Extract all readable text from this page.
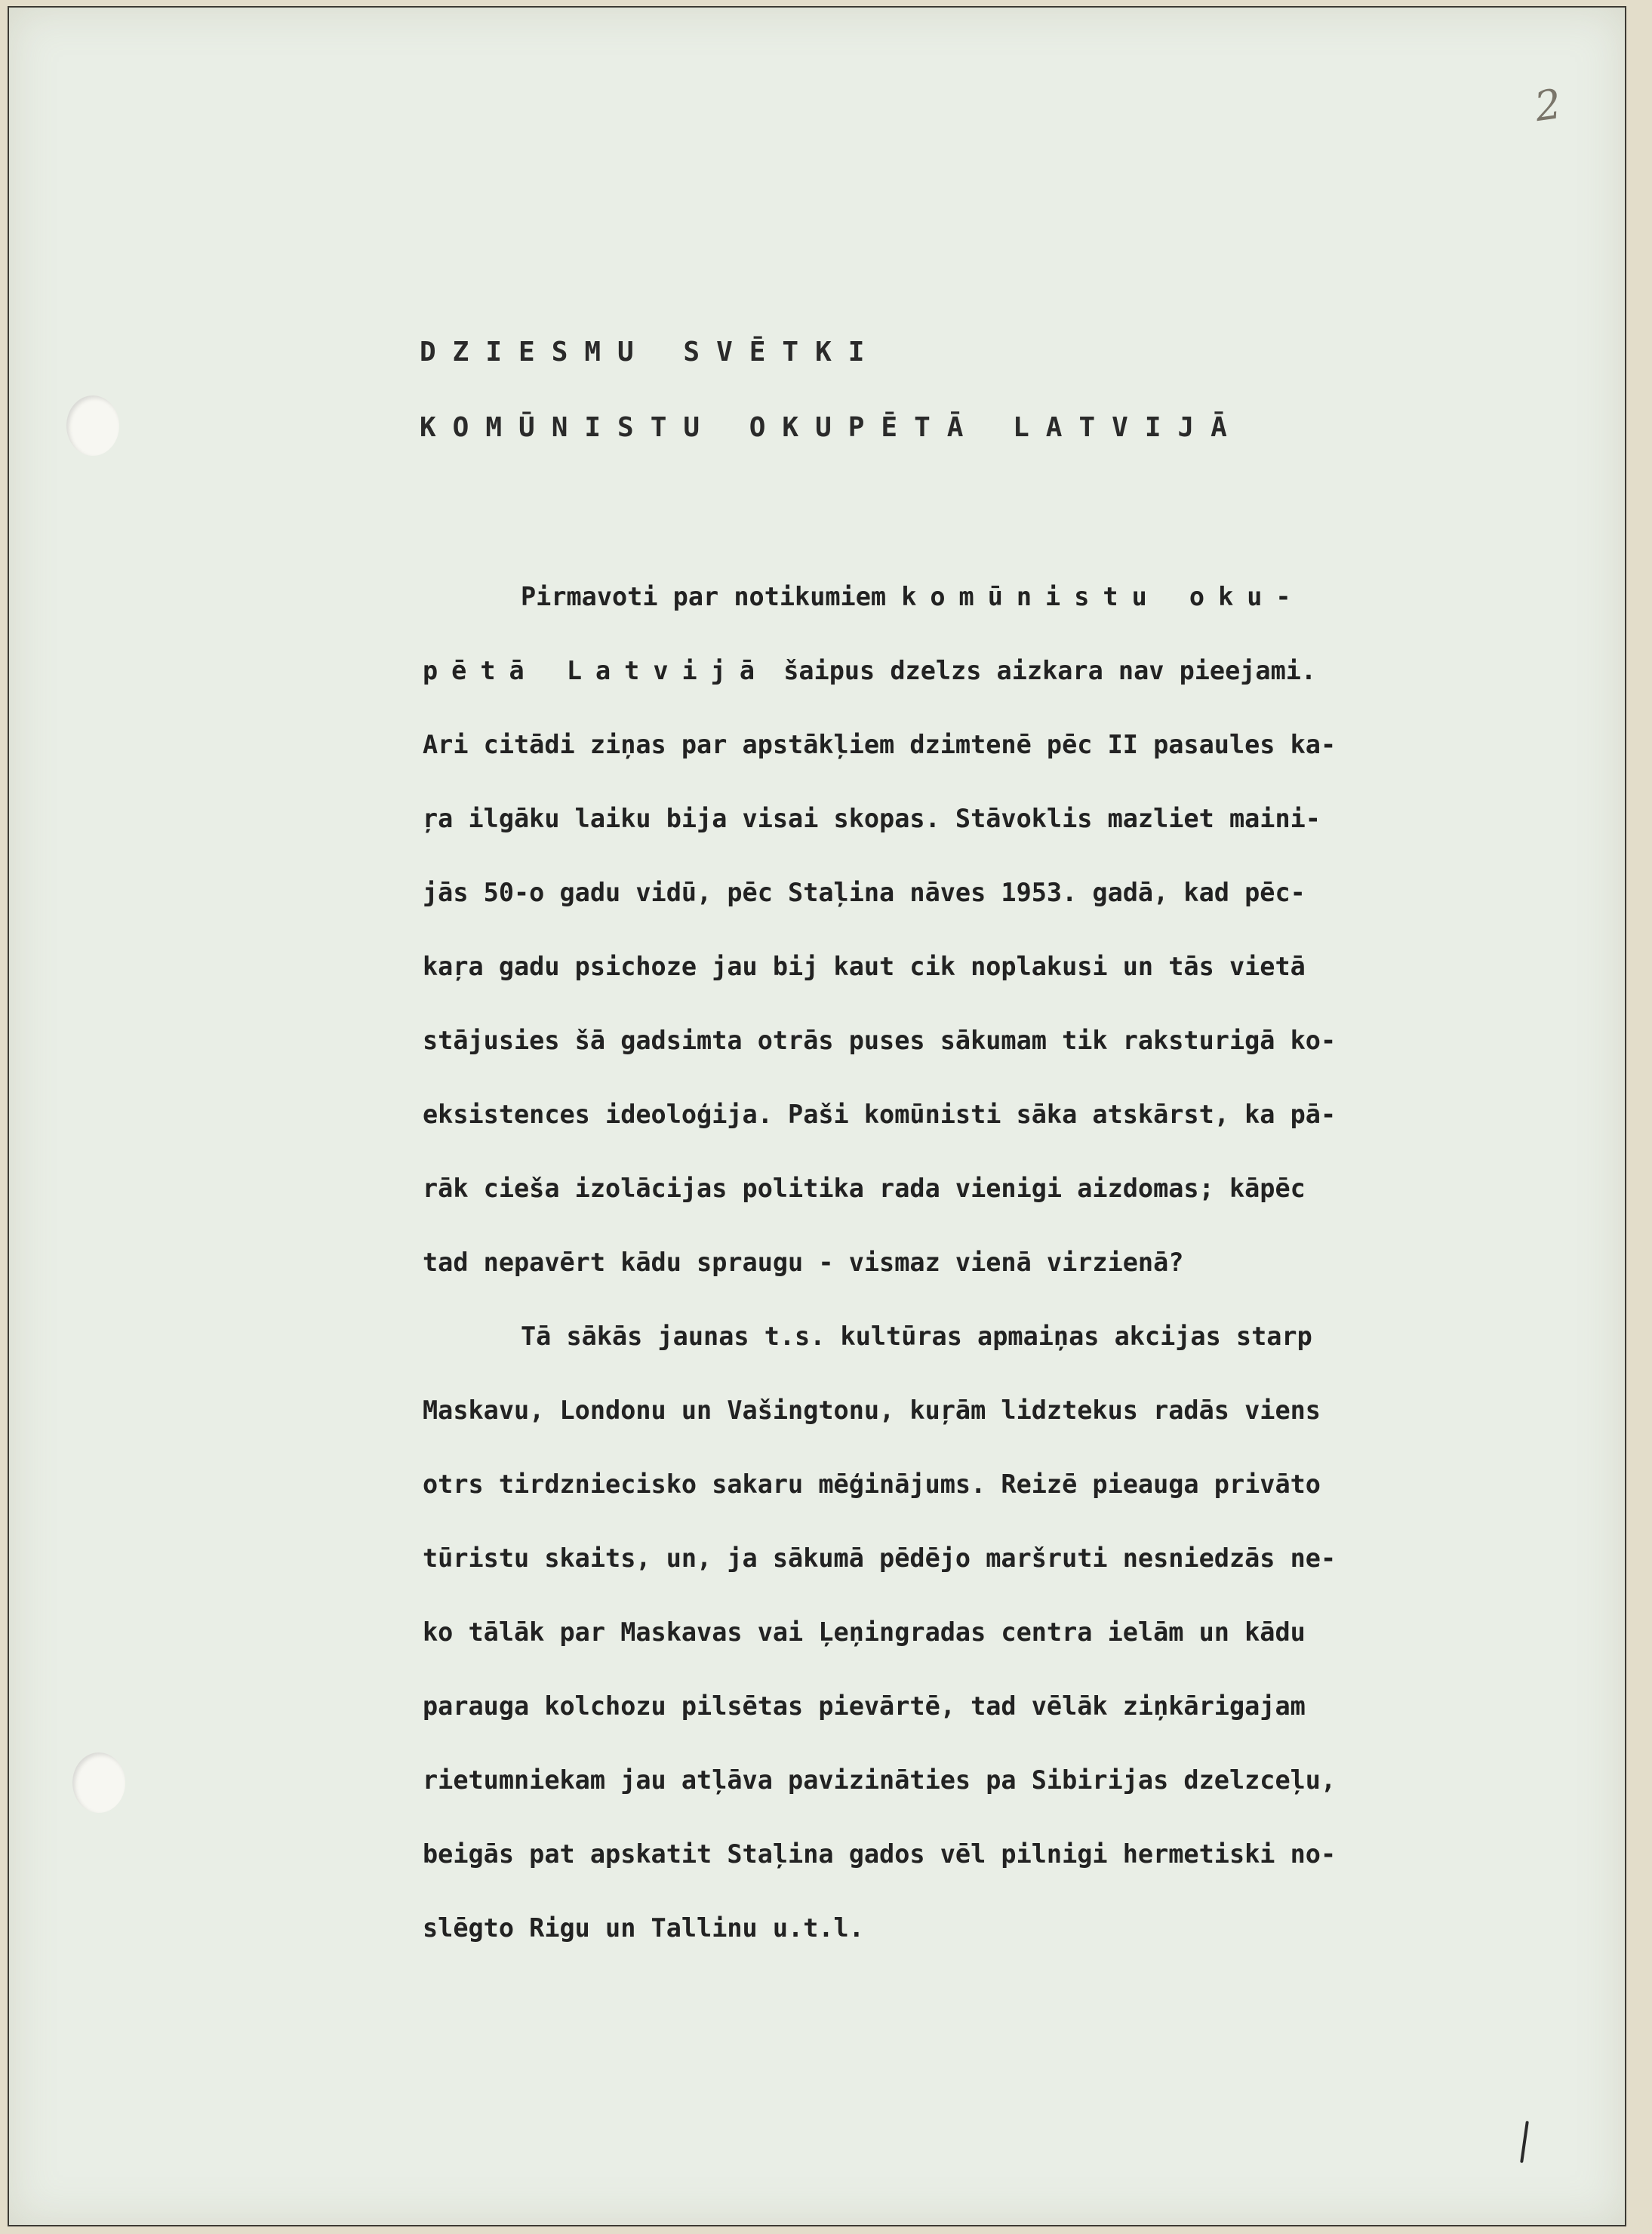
2
DZIESMU SVĒTKI
KOMŪNISTU OKUPĒTĀ LATVIJĀ
Pirmavoti par notikumiem komūnistu oku-
pētā Latvijā šaipus dzelzs aizkara nav pieejami.
Ari citādi ziņas par apstākļiem dzimtenē pēc II pasaules ka-
ŗa ilgāku laiku bija visai skopas. Stāvoklis mazliet maini-
jās 50-o gadu vidū, pēc Staļina nāves 1953. gadā, kad pēc-
kaŗa gadu psichoze jau bij kaut cik noplakusi un tās vietā
stājusies šā gadsimta otrās puses sākumam tik raksturigā ko-
eksistences ideoloģija. Paši komūnisti sāka atskārst, ka pā-
rāk cieša izolācijas politika rada vienigi aizdomas; kāpēc
tad nepavērt kādu spraugu - vismaz vienā virzienā?
Tā sākās jaunas t.s. kultūras apmaiņas akcijas starp
Maskavu, Londonu un Vašingtonu, kuŗām lidztekus radās viens
otrs tirdzniecisko sakaru mēģinājums. Reizē pieauga privāto
tūristu skaits, un, ja sākumā pēdējo maršruti nesniedzās ne-
ko tālāk par Maskavas vai Ļeņingradas centra ielām un kādu
parauga kolchozu pilsētas pievārtē, tad vēlāk ziņkārigajam
rietumniekam jau atļāva pavizināties pa Sibirijas dzelzceļu,
beigās pat apskatit Staļina gados vēl pilnigi hermetiski no-
slēgto Rigu un Tallinu u.t.l.
